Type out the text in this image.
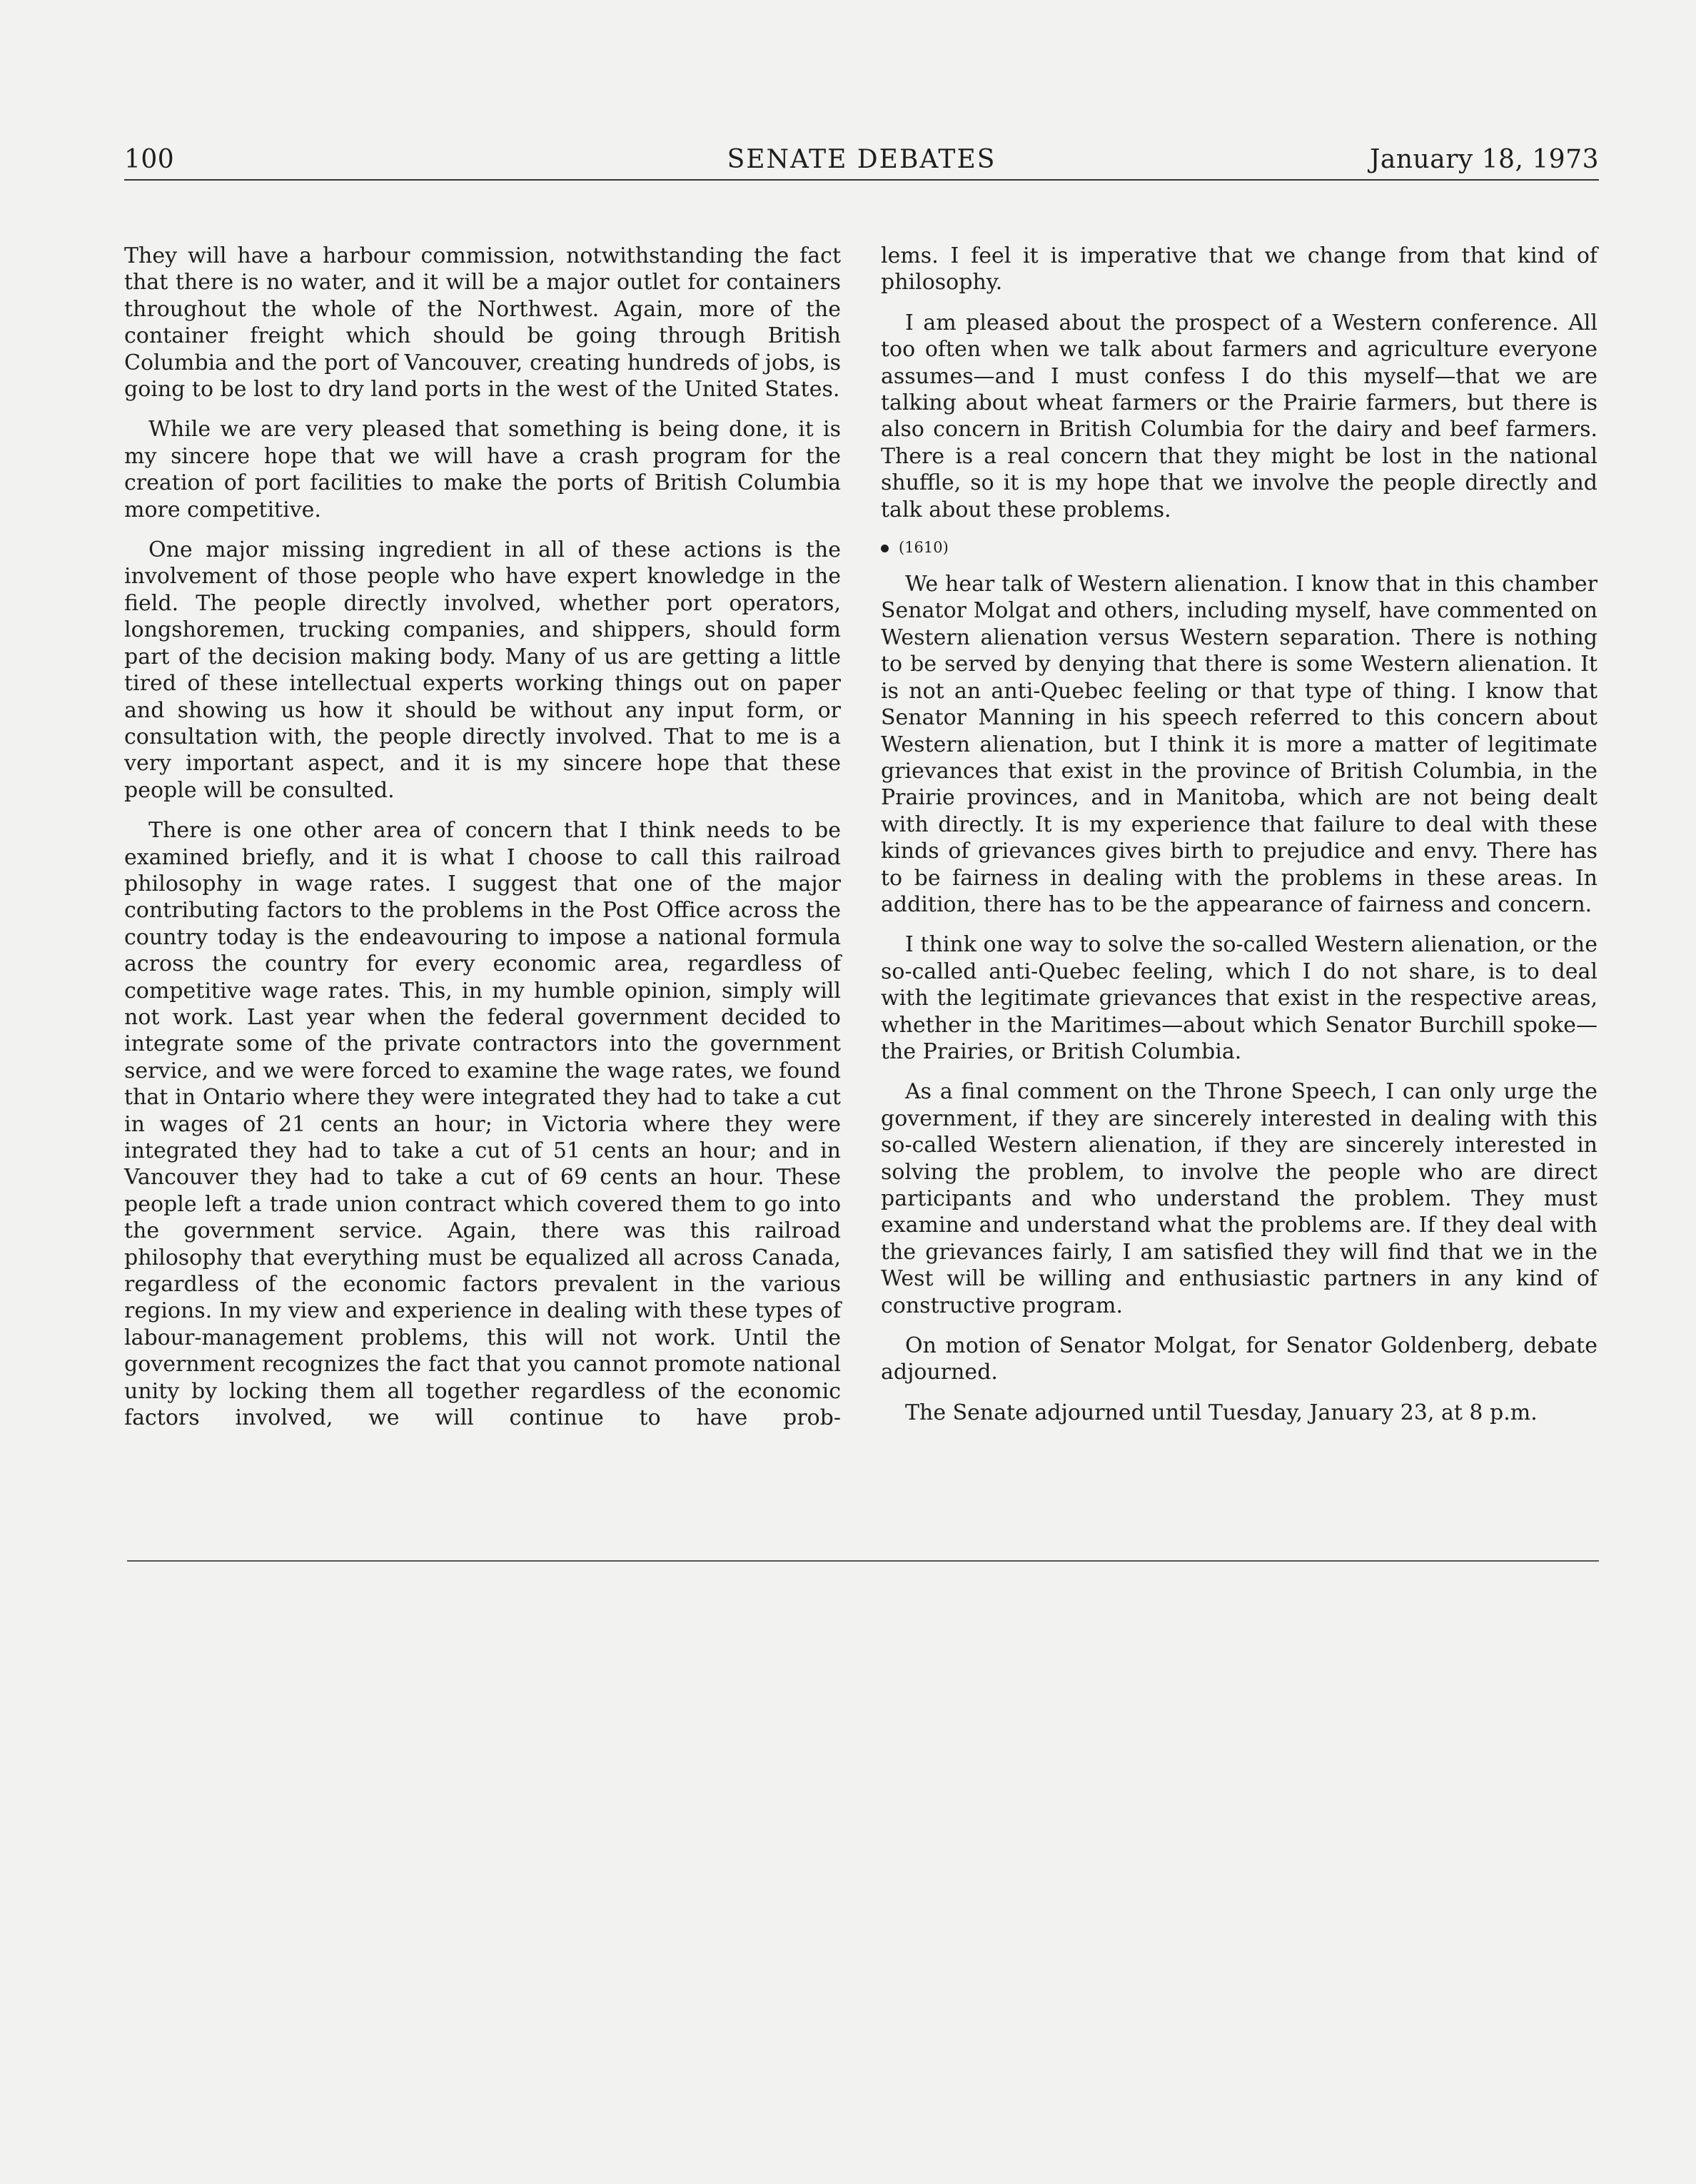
100	SENATE DEBATES	January 18, 1973

They will have a harbour commission, notwithstanding the fact that there is no water, and it will be a major outlet for containers throughout the whole of the Northwest. Again, more of the container freight which should be going through British Columbia and the port of Vancouver, creating hundreds of jobs, is going to be lost to dry land ports in the west of the United States.

While we are very pleased that something is being done, it is my sincere hope that we will have a crash program for the creation of port facilities to make the ports of British Columbia more competitive.

One major missing ingredient in all of these actions is the involvement of those people who have expert knowledge in the field. The people directly involved, whether port operators, longshoremen, trucking companies, and shippers, should form part of the decision making body. Many of us are getting a little tired of these intellectual experts working things out on paper and showing us how it should be without any input form, or consultation with, the people directly involved. That to me is a very important aspect, and it is my sincere hope that these people will be consulted.

There is one other area of concern that I think needs to be examined briefly, and it is what I choose to call this railroad philosophy in wage rates. I suggest that one of the major contributing factors to the problems in the Post Office across the country today is the endeavouring to impose a national formula across the country for every economic area, regardless of competitive wage rates. This, in my humble opinion, simply will not work. Last year when the federal government decided to integrate some of the private contractors into the government service, and we were forced to examine the wage rates, we found that in Ontario where they were integrated they had to take a cut in wages of 21 cents an hour; in Victoria where they were integrated they had to take a cut of 51 cents an hour; and in Vancouver they had to take a cut of 69 cents an hour. These people left a trade union contract which covered them to go into the government service. Again, there was this railroad philosophy that everything must be equalized all across Canada, regardless of the economic factors prevalent in the various regions. In my view and experience in dealing with these types of labour-management problems, this will not work. Until the government recognizes the fact that you cannot promote national unity by locking them all together regardless of the economic factors involved, we will continue to have prob-

lems. I feel it is imperative that we change from that kind of philosophy.

I am pleased about the prospect of a Western conference. All too often when we talk about farmers and agriculture everyone assumes—and I must confess I do this myself—that we are talking about wheat farmers or the Prairie farmers, but there is also concern in British Columbia for the dairy and beef farmers. There is a real concern that they might be lost in the national shuffle, so it is my hope that we involve the people directly and talk about these problems.

(1610)

We hear talk of Western alienation. I know that in this chamber Senator Molgat and others, including myself, have commented on Western alienation versus Western separation. There is nothing to be served by denying that there is some Western alienation. It is not an anti-Quebec feeling or that type of thing. I know that Senator Manning in his speech referred to this concern about Western alienation, but I think it is more a matter of legitimate grievances that exist in the province of British Columbia, in the Prairie provinces, and in Manitoba, which are not being dealt with directly. It is my experience that failure to deal with these kinds of grievances gives birth to prejudice and envy. There has to be fairness in dealing with the problems in these areas. In addition, there has to be the appearance of fairness and concern.

I think one way to solve the so-called Western alienation, or the so-called anti-Quebec feeling, which I do not share, is to deal with the legitimate grievances that exist in the respective areas, whether in the Maritimes—about which Senator Burchill spoke—the Prairies, or British Columbia.

As a final comment on the Throne Speech, I can only urge the government, if they are sincerely interested in dealing with this so-called Western alienation, if they are sincerely interested in solving the problem, to involve the people who are direct participants and who understand the problem. They must examine and understand what the problems are. If they deal with the grievances fairly, I am satisfied they will find that we in the West will be willing and enthusiastic partners in any kind of constructive program.

On motion of Senator Molgat, for Senator Goldenberg, debate adjourned.

The Senate adjourned until Tuesday, January 23, at 8 p.m.
